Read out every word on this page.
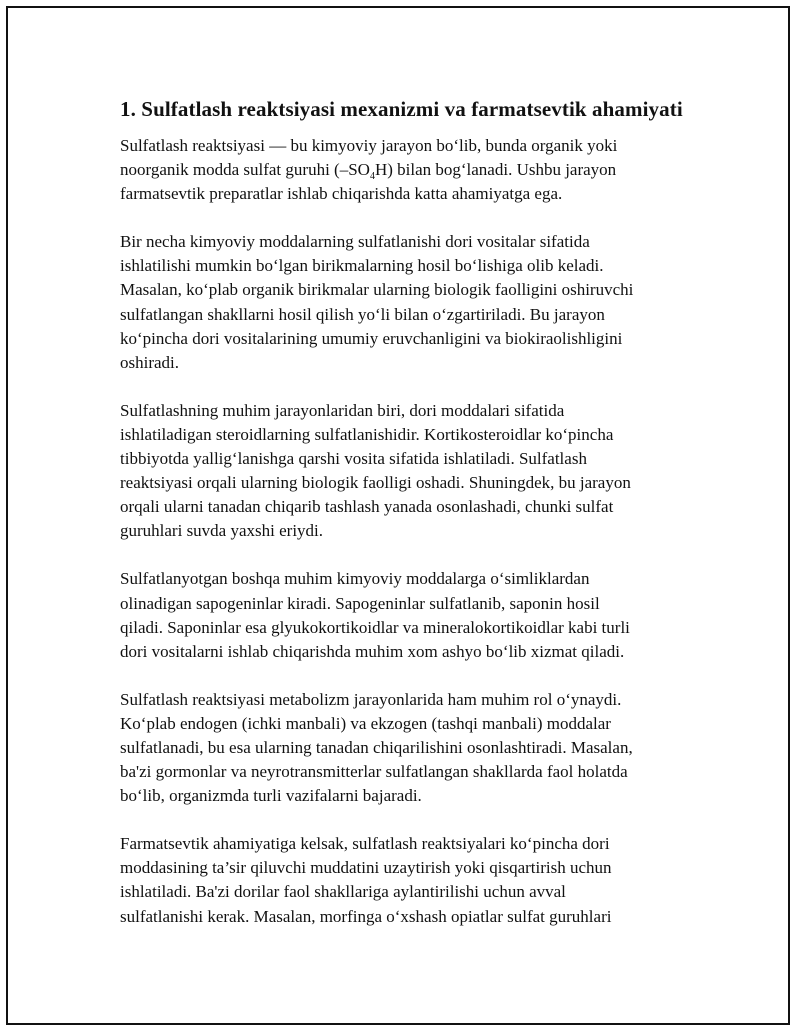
1. Sulfatlash reaktsiyasi mexanizmi va farmatsevtik ahamiyati

Sulfatlash reaktsiyasi — bu kimyoviy jarayon bo‘lib, bunda organik yoki
noorganik modda sulfat guruhi $(-SO_4H)$ bilan bog‘lanadi. Ushbu jarayon
farmatsevtik preparatlar ishlab chiqarishda katta ahamiyatga ega.

Bir necha kimyoviy moddalarning sulfatlanishi dori vositalar sifatida
ishlatilishi mumkin bo‘lgan birikmalarning hosil bo‘lishiga olib keladi.
Masalan, ko‘plab organik birikmalar ularning biologik faolligini oshiruvchi
sulfatlangan shakllarni hosil qilish yo‘li bilan o‘zgartiriladi. Bu jarayon
ko‘pincha dori vositalarining umumiy eruvchanligini va biokiraolishligini
oshiradi.

Sulfatlashning muhim jarayonlaridan biri, dori moddalari sifatida
ishlatiladigan steroidlarning sulfatlanishidir. Kortikosteroidlar ko‘pincha
tibbiyotda yallig‘lanishga qarshi vosita sifatida ishlatiladi. Sulfatlash
reaktsiyasi orqali ularning biologik faolligi oshadi. Shuningdek, bu jarayon
orqali ularni tanadan chiqarib tashlash yanada osonlashadi, chunki sulfat
guruhlari suvda yaxshi eriydi.

Sulfatlanyotgan boshqa muhim kimyoviy moddalarga o‘simliklardan
olinadigan sapogeninlar kiradi. Sapogeninlar sulfatlanib, saponin hosil
qiladi. Saponinlar esa glyukokortikoidlar va mineralokortikoidlar kabi turli
dori vositalarni ishlab chiqarishda muhim xom ashyo bo‘lib xizmat qiladi.

Sulfatlash reaktsiyasi metabolizm jarayonlarida ham muhim rol o‘ynaydi.
Ko‘plab endogen (ichki manbali) va ekzogen (tashqi manbali) moddalar
sulfatlanadi, bu esa ularning tanadan chiqarilishini osonlashtiradi. Masalan,
ba'zi gormonlar va neyrotransmitterlar sulfatlangan shakllarda faol holatda
bo‘lib, organizmda turli vazifalarni bajaradi.

Farmatsevtik ahamiyatiga kelsak, sulfatlash reaktsiyalari ko‘pincha dori
moddasining ta’sir qiluvchi muddatini uzaytirish yoki qisqartirish uchun
ishlatiladi. Ba'zi dorilar faol shakllariga aylantirilishi uchun avval
sulfatlanishi kerak. Masalan, morfinga o‘xshash opiatlar sulfat guruhlari
